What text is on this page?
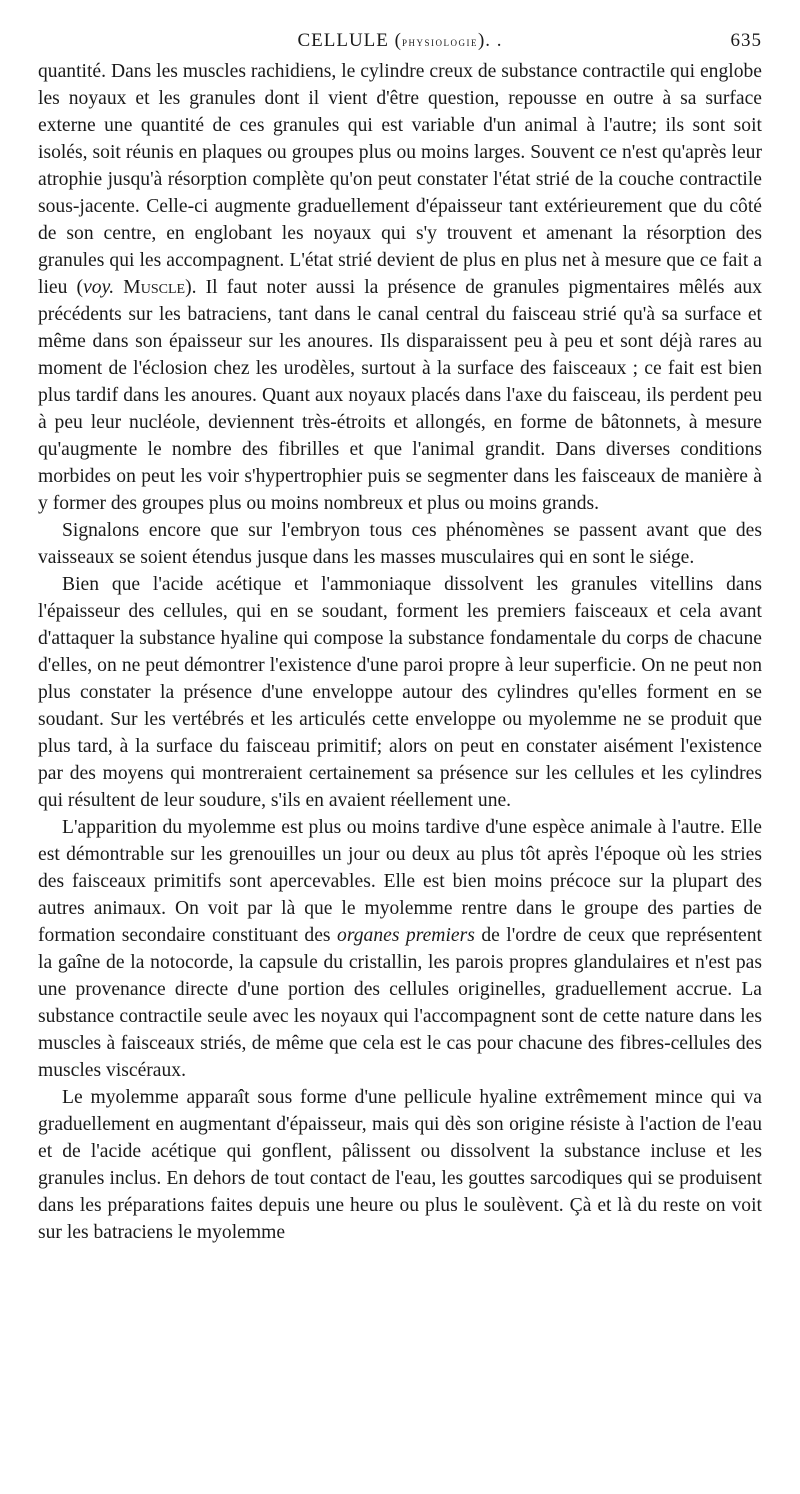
CELLULE (physiologie). .	635

quantité. Dans les muscles rachidiens, le cylindre creux de substance contractile qui englobe les noyaux et les granules dont il vient d'être question, repousse en outre à sa surface externe une quantité de ces granules qui est variable d'un animal à l'autre; ils sont soit isolés, soit réunis en plaques ou groupes plus ou moins larges. Souvent ce n'est qu'après leur atrophie jusqu'à résorption complète qu'on peut constater l'état strié de la couche contractile sous-jacente. Celle-ci augmente graduellement d'épaisseur tant extérieurement que du côté de son centre, en englobant les noyaux qui s'y trouvent et amenant la résorption des granules qui les accompagnent. L'état strié devient de plus en plus net à mesure que ce fait a lieu (voy. Muscle). Il faut noter aussi la présence de granules pigmentaires mêlés aux précédents sur les batraciens, tant dans le canal central du faisceau strié qu'à sa surface et même dans son épaisseur sur les anoures. Ils disparaissent peu à peu et sont déjà rares au moment de l'éclosion chez les urodèles, surtout à la surface des faisceaux ; ce fait est bien plus tardif dans les anoures. Quant aux noyaux placés dans l'axe du faisceau, ils perdent peu à peu leur nucléole, deviennent très-étroits et allongés, en forme de bâtonnets, à mesure qu'augmente le nombre des fibrilles et que l'animal grandit. Dans diverses conditions morbides on peut les voir s'hypertrophier puis se segmenter dans les faisceaux de manière à y former des groupes plus ou moins nombreux et plus ou moins grands.

Signalons encore que sur l'embryon tous ces phénomènes se passent avant que des vaisseaux se soient étendus jusque dans les masses musculaires qui en sont le siége.

Bien que l'acide acétique et l'ammoniaque dissolvent les granules vitellins dans l'épaisseur des cellules, qui en se soudant, forment les premiers faisceaux et cela avant d'attaquer la substance hyaline qui compose la substance fondamentale du corps de chacune d'elles, on ne peut démontrer l'existence d'une paroi propre à leur superficie. On ne peut non plus constater la présence d'une enveloppe autour des cylindres qu'elles forment en se soudant. Sur les vertébrés et les articulés cette enveloppe ou myolemme ne se produit que plus tard, à la surface du faisceau primitif; alors on peut en constater aisément l'existence par des moyens qui montreraient certainement sa présence sur les cellules et les cylindres qui résultent de leur soudure, s'ils en avaient réellement une.

L'apparition du myolemme est plus ou moins tardive d'une espèce animale à l'autre. Elle est démontrable sur les grenouilles un jour ou deux au plus tôt après l'époque où les stries des faisceaux primitifs sont apercevables. Elle est bien moins précoce sur la plupart des autres animaux. On voit par là que le myolemme rentre dans le groupe des parties de formation secondaire constituant des organes premiers de l'ordre de ceux que représentent la gaîne de la notocorde, la capsule du cristallin, les parois propres glandulaires et n'est pas une provenance directe d'une portion des cellules originelles, graduellement accrue. La substance contractile seule avec les noyaux qui l'accompagnent sont de cette nature dans les muscles à faisceaux striés, de même que cela est le cas pour chacune des fibres-cellules des muscles viscéraux.

Le myolemme apparaît sous forme d'une pellicule hyaline extrêmement mince qui va graduellement en augmentant d'épaisseur, mais qui dès son origine résiste à l'action de l'eau et de l'acide acétique qui gonflent, pâlissent ou dissolvent la substance incluse et les granules inclus. En dehors de tout contact de l'eau, les gouttes sarcodiques qui se produisent dans les préparations faites depuis une heure ou plus le soulèvent. Çà et là du reste on voit sur les batraciens le myolemme
